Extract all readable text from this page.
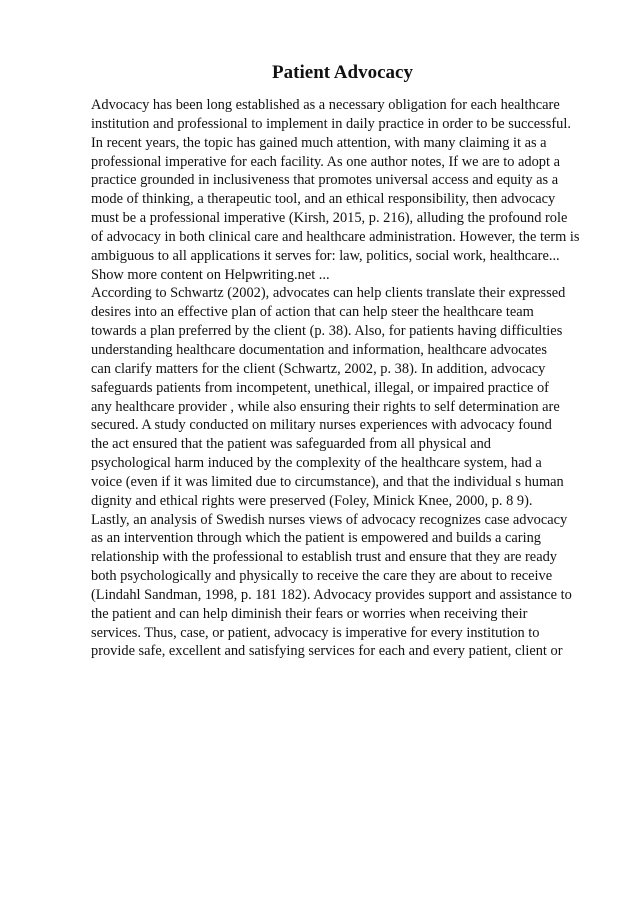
Patient Advocacy
Advocacy has been long established as a necessary obligation for each healthcare
institution and professional to implement in daily practice in order to be successful.
In recent years, the topic has gained much attention, with many claiming it as a
professional imperative for each facility. As one author notes, If we are to adopt a
practice grounded in inclusiveness that promotes universal access and equity as a
mode of thinking, a therapeutic tool, and an ethical responsibility, then advocacy
must be a professional imperative (Kirsh, 2015, p. 216), alluding the profound role
of advocacy in both clinical care and healthcare administration. However, the term is
ambiguous to all applications it serves for: law, politics, social work, healthcare...
Show more content on Helpwriting.net ...
According to Schwartz (2002), advocates can help clients translate their expressed
desires into an effective plan of action that can help steer the healthcare team
towards a plan preferred by the client (p. 38). Also, for patients having difficulties
understanding healthcare documentation and information, healthcare advocates
can clarify matters for the client (Schwartz, 2002, p. 38). In addition, advocacy
safeguards patients from incompetent, unethical, illegal, or impaired practice of
any healthcare provider , while also ensuring their rights to self determination are
secured. A study conducted on military nurses experiences with advocacy found
the act ensured that the patient was safeguarded from all physical and
psychological harm induced by the complexity of the healthcare system, had a
voice (even if it was limited due to circumstance), and that the individual s human
dignity and ethical rights were preserved (Foley, Minick Knee, 2000, p. 8 9).
Lastly, an analysis of Swedish nurses views of advocacy recognizes case advocacy
as an intervention through which the patient is empowered and builds a caring
relationship with the professional to establish trust and ensure that they are ready
both psychologically and physically to receive the care they are about to receive
(Lindahl Sandman, 1998, p. 181 182). Advocacy provides support and assistance to
the patient and can help diminish their fears or worries when receiving their
services. Thus, case, or patient, advocacy is imperative for every institution to
provide safe, excellent and satisfying services for each and every patient, client or
